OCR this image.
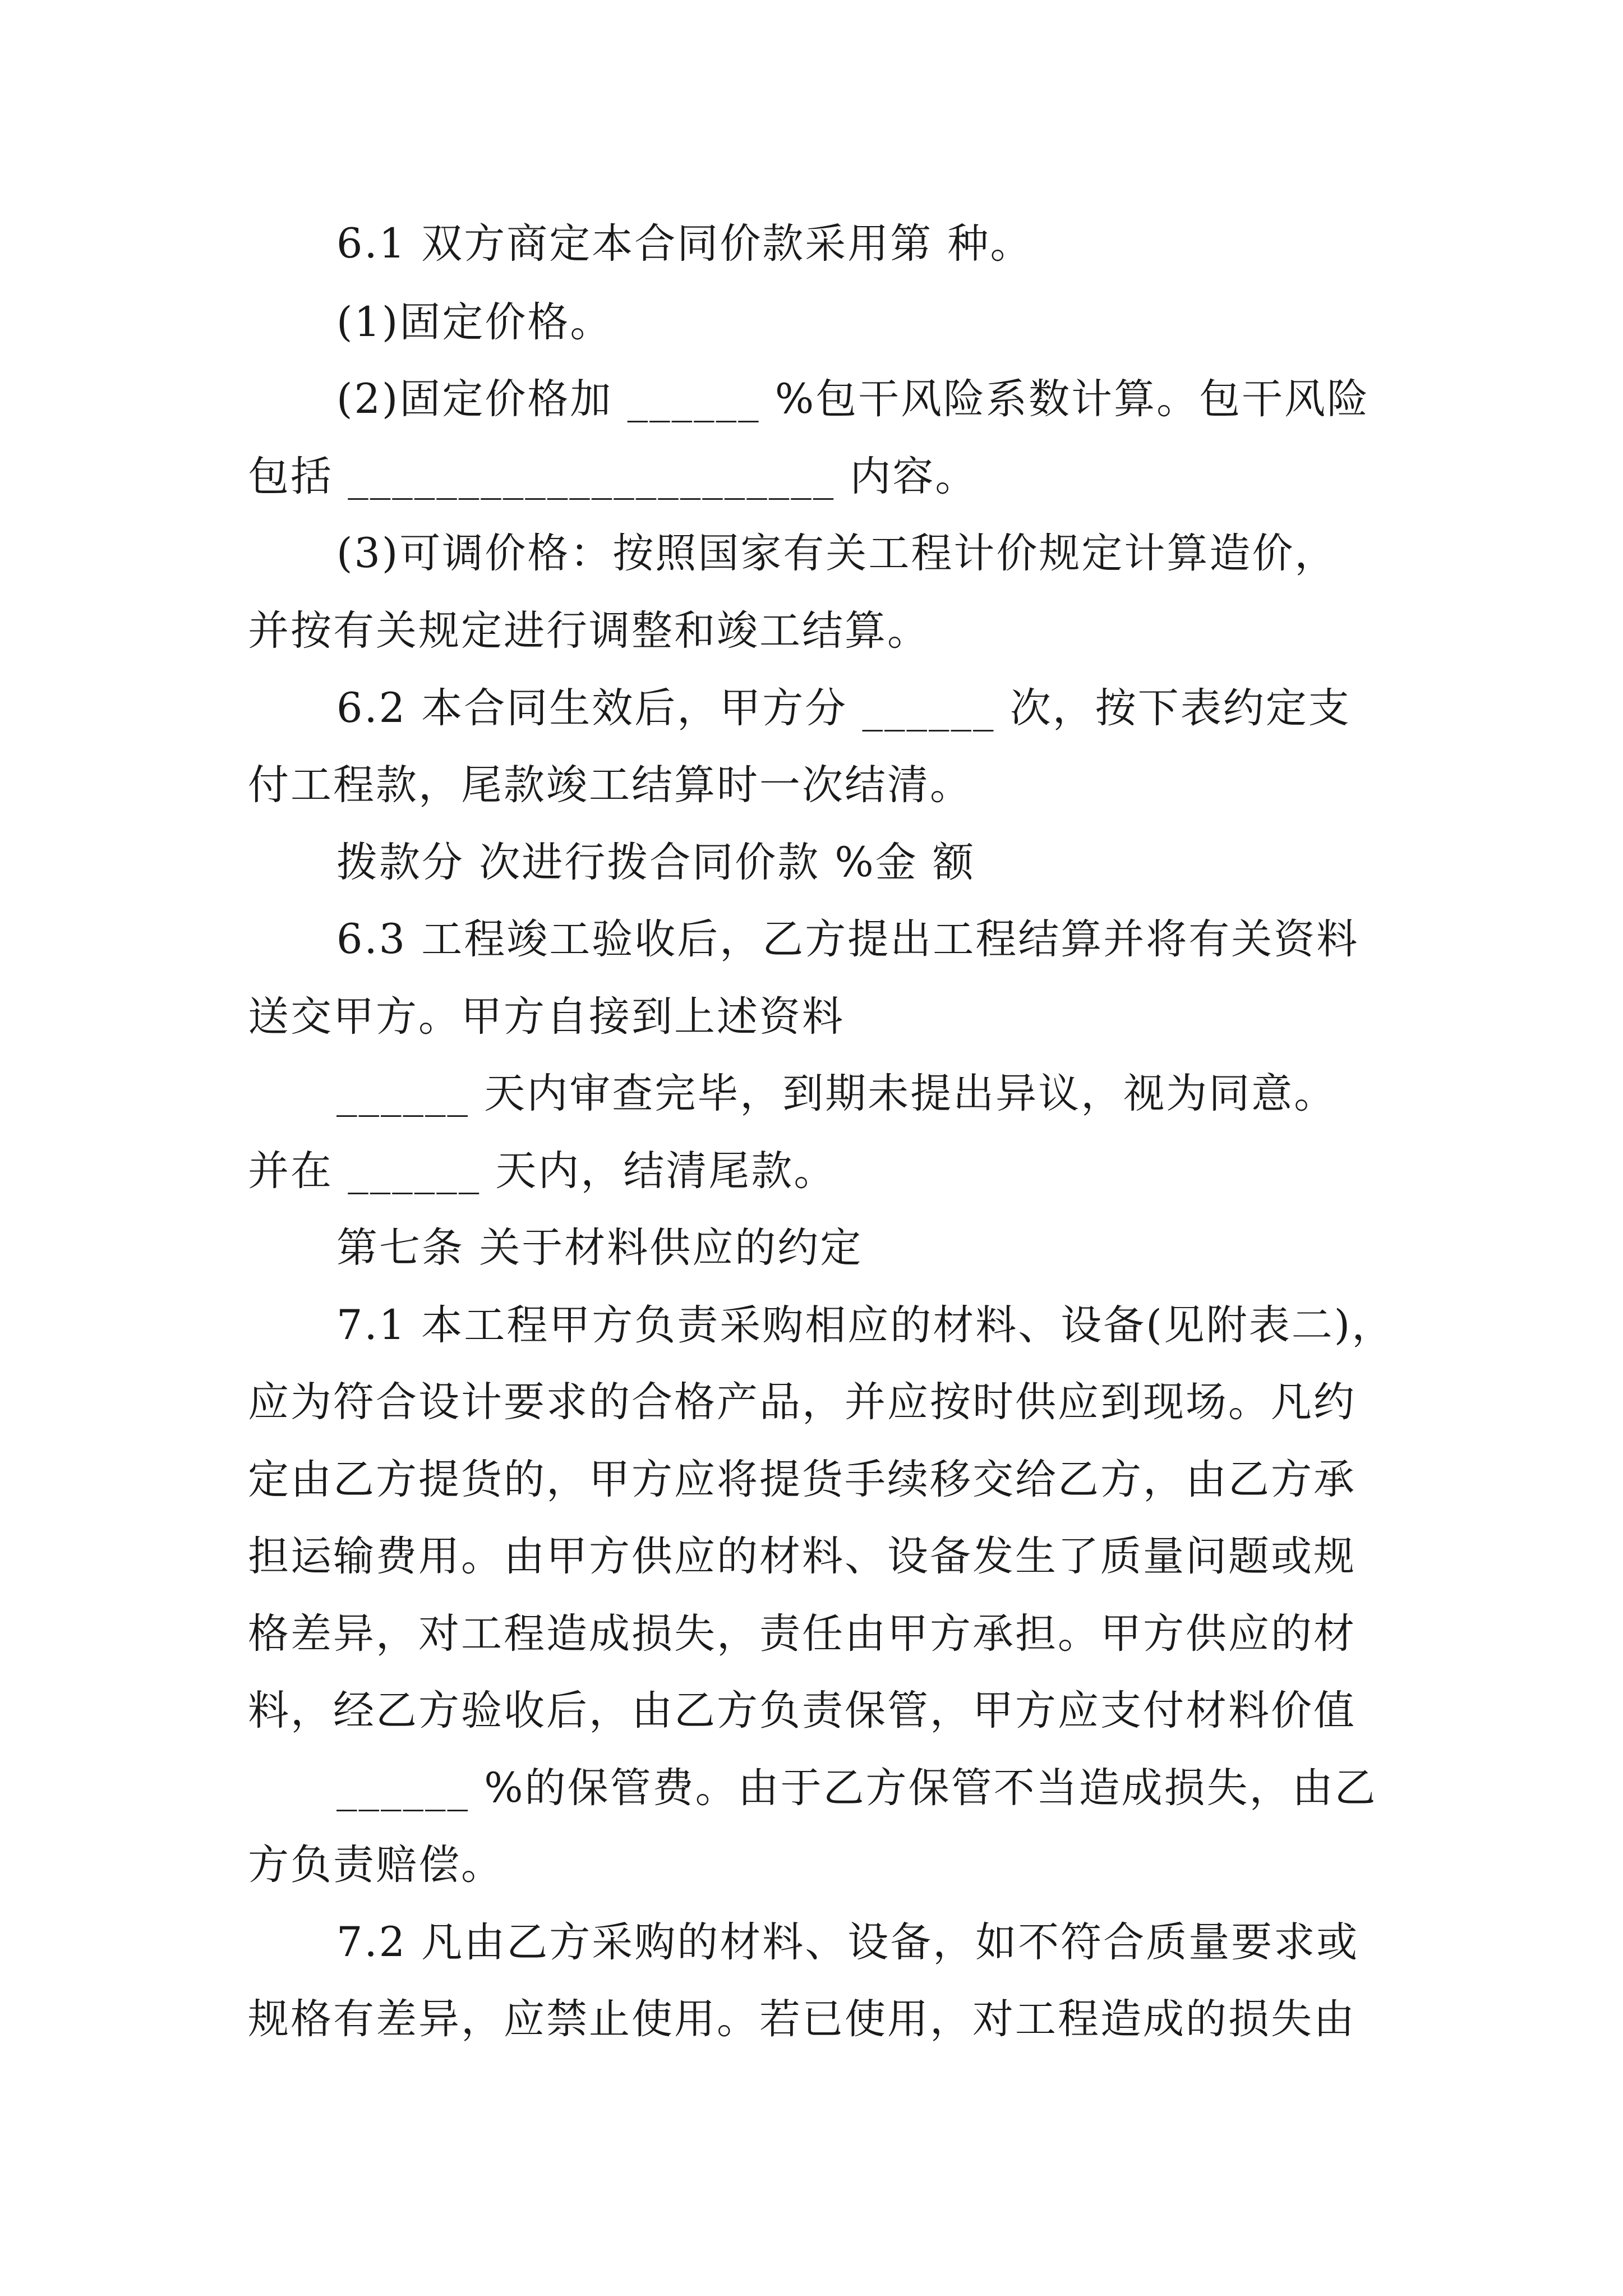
6.1 双方商定本合同价款采用第 种。
(1)固定价格。
(2)固定价格加 ______ %包干风险系数计算。包干风险
包括 ______________________ 内容。
(3)可调价格：按照国家有关工程计价规定计算造价，
并按有关规定进行调整和竣工结算。
6.2 本合同生效后，甲方分 ______ 次，按下表约定支
付工程款，尾款竣工结算时一次结清。
拨款分 次进行拨合同价款 %金 额
6.3 工程竣工验收后，乙方提出工程结算并将有关资料
送交甲方。甲方自接到上述资料
______ 天内审查完毕，到期未提出异议，视为同意。
并在 ______ 天内，结清尾款。
第七条 关于材料供应的约定
7.1 本工程甲方负责采购相应的材料、设备(见附表二)，
应为符合设计要求的合格产品，并应按时供应到现场。凡约
定由乙方提货的，甲方应将提货手续移交给乙方，由乙方承
担运输费用。由甲方供应的材料、设备发生了质量问题或规
格差异，对工程造成损失，责任由甲方承担。甲方供应的材
料，经乙方验收后，由乙方负责保管，甲方应支付材料价值
______ %的保管费。由于乙方保管不当造成损失，由乙
方负责赔偿。
7.2 凡由乙方采购的材料、设备，如不符合质量要求或
规格有差异，应禁止使用。若已使用，对工程造成的损失由
